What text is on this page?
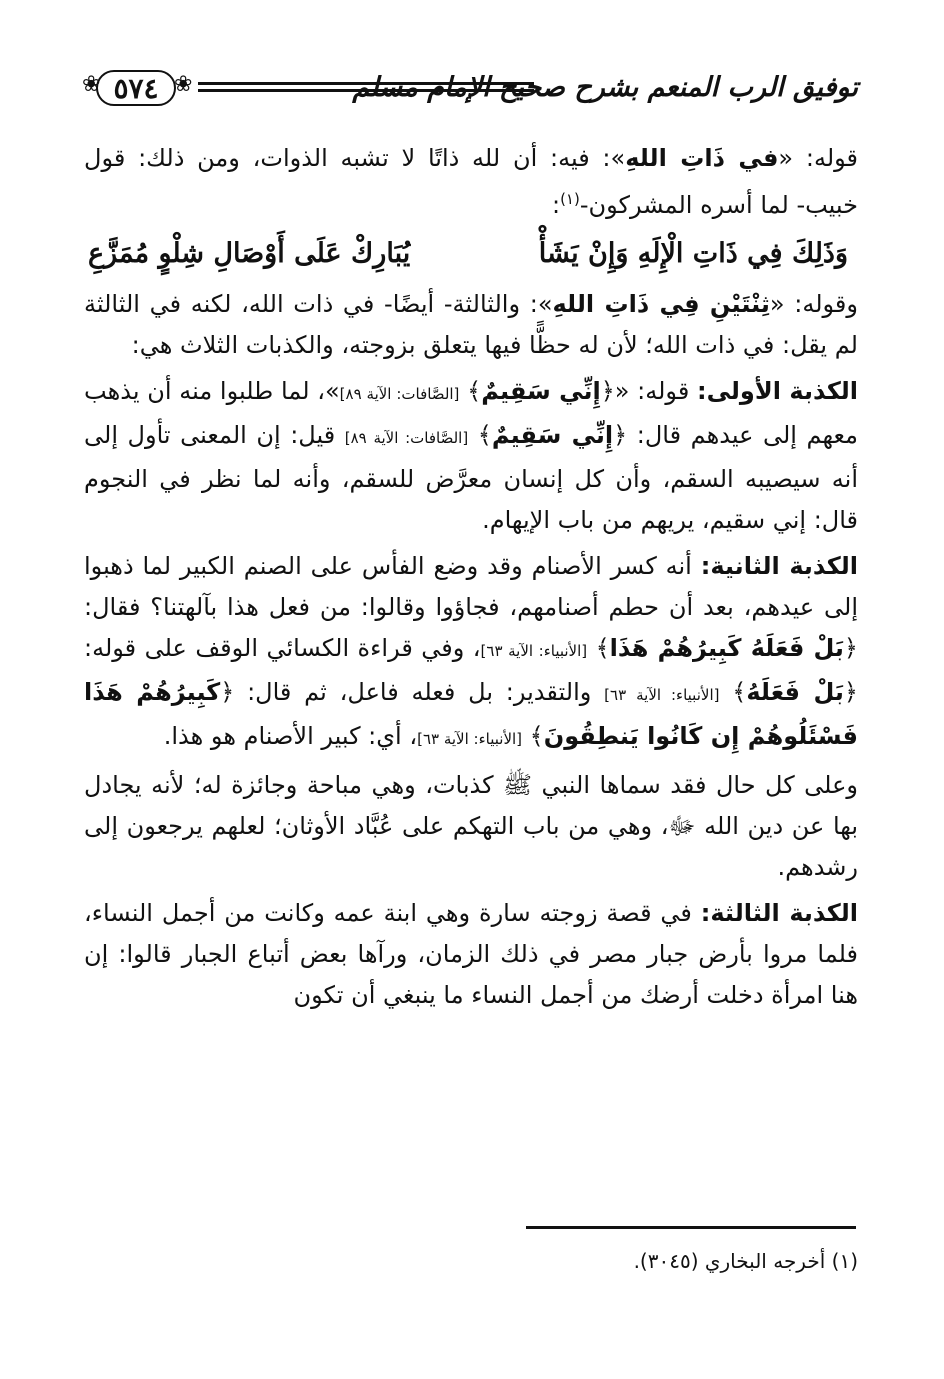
٥٧٤
❀	❀	توفيق الرب المنعم بشرح صحيح الإمام مسلم

قوله: «في ذَاتِ اللهِ»: فيه: أن لله ذاتًا لا تشبه الذوات، ومن ذلك: قول خبيب- لما أسره المشركون-$^{(١)}$:

وَذَلِكَ فِي ذَاتِ الْإِلَهِ وَإِنْ يَشَأْ
يُبَارِكْ عَلَى أَوْصَالِ شِلْوٍ مُمَزَّعِ

وقوله: «ثِنْتَيْنِ فِي ذَاتِ اللهِ»: والثالثة- أيضًا- في ذات الله، لكنه في الثالثة لم يقل: في ذات الله؛ لأن له حظًّا فيها يتعلق بزوجته، والكذبات الثلاث هي:

الكذبة الأولى: قوله: «﴿إِنِّي سَقِيمٌ﴾ [الصَّافات: الآية ٨٩]»، لما طلبوا منه أن يذهب معهم إلى عيدهم قال: ﴿إِنِّي سَقِيمٌ﴾ [الصَّافات: الآية ٨٩] قيل: إن المعنى تأول إلى أنه سيصيبه السقم، وأن كل إنسان معرَّض للسقم، وأنه لما نظر في النجوم قال: إني سقيم، يريهم من باب الإيهام.

الكذبة الثانية: أنه كسر الأصنام وقد وضع الفأس على الصنم الكبير لما ذهبوا إلى عيدهم، بعد أن حطم أصنامهم، فجاؤوا وقالوا: من فعل هذا بآلهتنا؟ فقال: ﴿بَلْ فَعَلَهُ كَبِيرُهُمْ هَذَا﴾ [الأنبياء: الآية ٦٣]، وفي قراءة الكسائي الوقف على قوله: ﴿بَلْ فَعَلَهُ﴾ [الأنبياء: الآية ٦٣] والتقدير: بل فعله فاعل، ثم قال: ﴿كَبِيرُهُمْ هَذَا فَسْئَلُوهُمْ إِن كَانُوا يَنطِقُونَ﴾ [الأنبياء: الآية ٦٣]، أي: كبير الأصنام هو هذا.

وعلى كل حال فقد سماها النبي ﷺ كذبات، وهي مباحة وجائزة له؛ لأنه يجادل بها عن دين الله ﷻ، وهي من باب التهكم على عُبَّاد الأوثان؛ لعلهم يرجعون إلى رشدهم.

الكذبة الثالثة: في قصة زوجته سارة وهي ابنة عمه وكانت من أجمل النساء، فلما مروا بأرض جبار مصر في ذلك الزمان، ورآها بعض أتباع الجبار قالوا: إن هنا امرأة دخلت أرضك من أجمل النساء ما ينبغي أن تكون

(١) أخرجه البخاري (٣٠٤٥).
